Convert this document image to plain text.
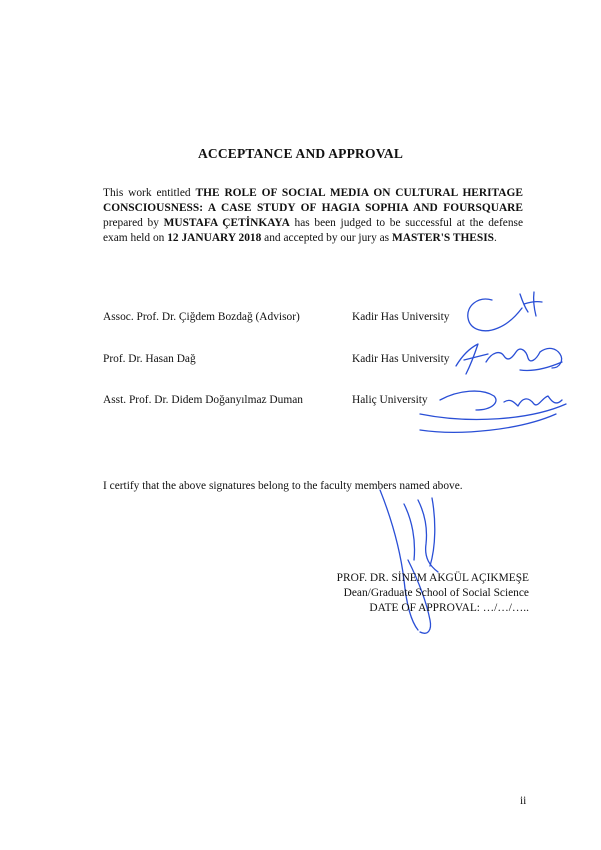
ACCEPTANCE AND APPROVAL
This work entitled THE ROLE OF SOCIAL MEDIA ON CULTURAL HERITAGE CONSCIOUSNESS: A CASE STUDY OF HAGIA SOPHIA AND FOURSQUARE prepared by MUSTAFA ÇETİNKAYA has been judged to be successful at the defense exam held on 12 JANUARY 2018 and accepted by our jury as MASTER'S THESIS.
Assoc. Prof. Dr. Çiğdem Bozdağ (Advisor)	Kadir Has University
Prof. Dr. Hasan Dağ	Kadir Has University
Asst. Prof. Dr. Didem Doğanyılmaz Duman	Haliç University
I certify that the above signatures belong to the faculty members named above.
PROF. DR. SİNEM AKGÜL AÇIKMEŞE
Dean/Graduate School of Social Science
DATE OF APPROVAL: …/…/…..
ii
